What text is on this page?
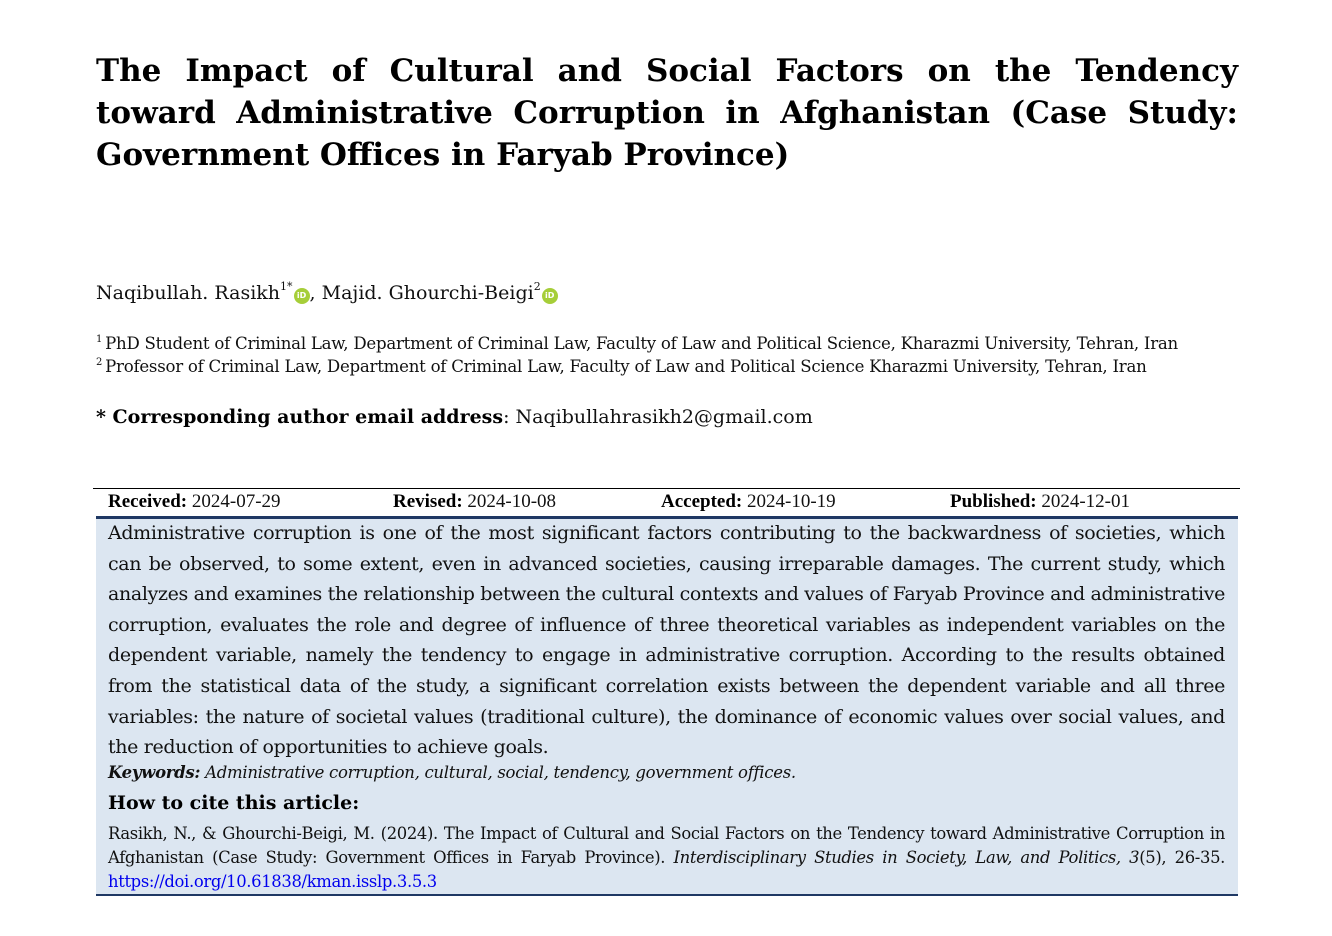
The Impact of Cultural and Social Factors on the Tendency toward Administrative Corruption in Afghanistan (Case Study: Government Offices in Faryab Province)
Naqibullah. Rasikh$^{1*}$iD , Majid. Ghourchi-Beigi$^2$iD
$^1$ PhD Student of Criminal Law, Department of Criminal Law, Faculty of Law and Political Science, Kharazmi University, Tehran, Iran
$^2$ Professor of Criminal Law, Department of Criminal Law, Faculty of Law and Political Science Kharazmi University, Tehran, Iran
* Corresponding author email address: Naqibullahrasikh2@gmail.com
Received: 2024-07-29	Revised: 2024-10-08	Accepted: 2024-10-19	Published: 2024-12-01

Administrative corruption is one of the most significant factors contributing to the backwardness of societies, which can be observed, to some extent, even in advanced societies, causing irreparable damages. The current study, which analyzes and examines the relationship between the cultural contexts and values of Faryab Province and administrative corruption, evaluates the role and degree of influence of three theoretical variables as independent variables on the dependent variable, namely the tendency to engage in administrative corruption. According to the results obtained from the statistical data of the study, a significant correlation exists between the dependent variable and all three variables: the nature of societal values (traditional culture), the dominance of economic values over social values, and the reduction of opportunities to achieve goals.

Keywords: Administrative corruption, cultural, social, tendency, government offices.
How to cite this article:

Rasikh, N., & Ghourchi-Beigi, M. (2024). The Impact of Cultural and Social Factors on the Tendency toward Administrative Corruption in Afghanistan (Case Study: Government Offices in Faryab Province). Interdisciplinary Studies in Society, Law, and Politics, 3(5), 26-35. https://doi.org/10.61838/kman.isslp.3.5.3
